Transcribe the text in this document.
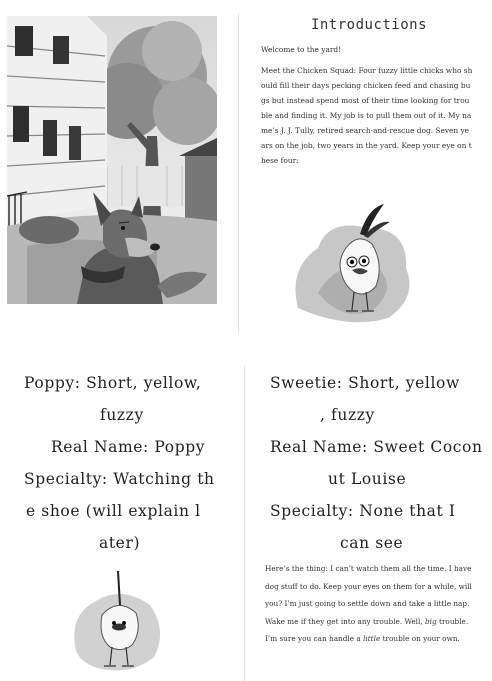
Introductions
Welcome to the yard!
Meet the Chicken Squad: Four fuzzy little chicks who should fill their days pecking chicken feed and chasing bugs but instead spend most of their time looking for trouble and finding it. My job is to pull them out of it. My name’s J. J. Tully, retired search-and-rescue dog. Seven years on the job, two years in the yard. Keep your eye on these four:
Poppy: Short, yellow,
fuzzy
Real Name: Poppy
Specialty: Watching th
e shoe (will explain l
ater)
Sweetie: Short, yellow
, fuzzy
Real Name: Sweet Cocon
ut Louise
Specialty: None that I
can see
Here’s the thing: I can’t watch them all the time. I have dog stuff to do. Keep your eyes on them for a while, will you? I’m just going to settle down and take a little nap. Wake me if they get into any trouble. Well, big trouble. I’m sure you can handle a little trouble on your own.
